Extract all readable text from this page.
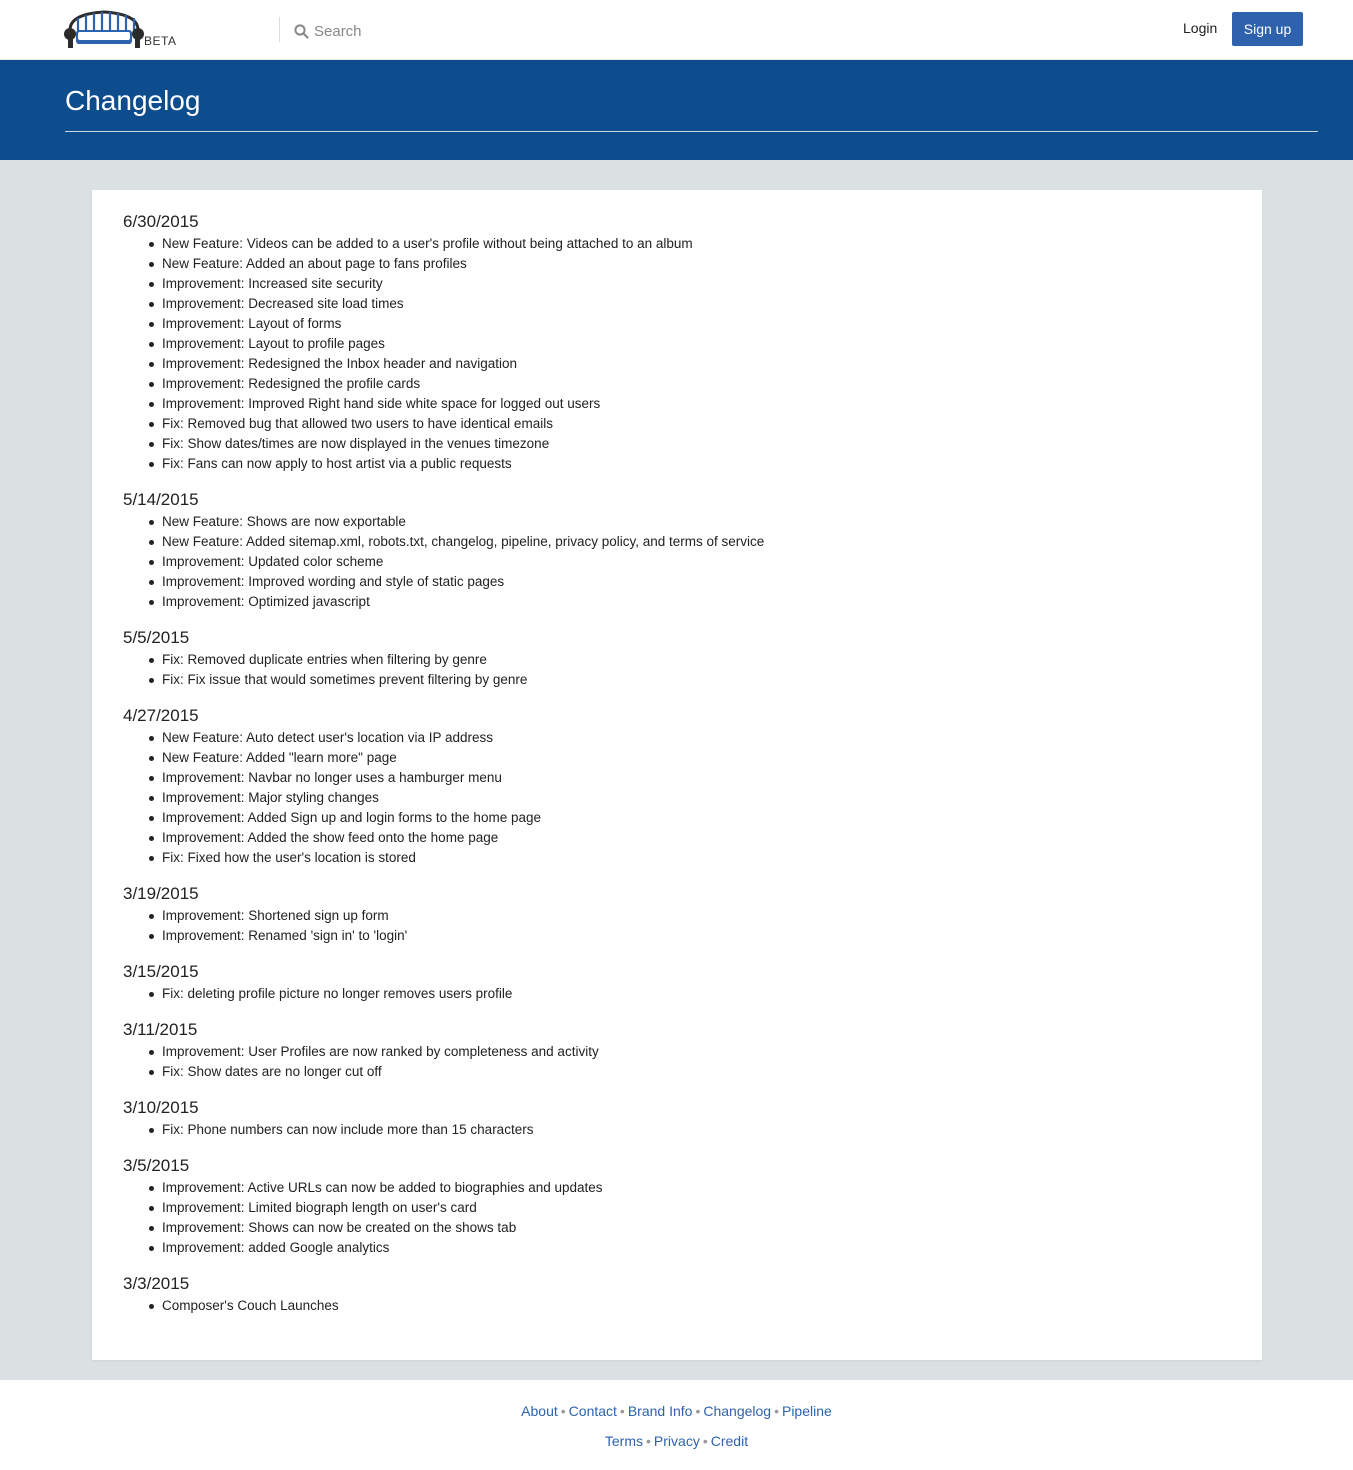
BETA
Search
Login	Sign up
Changelog
6/30/2015
New Feature: Videos can be added to a user's profile without being attached to an album
New Feature: Added an about page to fans profiles
Improvement: Increased site security
Improvement: Decreased site load times
Improvement: Layout of forms
Improvement: Layout to profile pages
Improvement: Redesigned the Inbox header and navigation
Improvement: Redesigned the profile cards
Improvement: Improved Right hand side white space for logged out users
Fix: Removed bug that allowed two users to have identical emails
Fix: Show dates/times are now displayed in the venues timezone
Fix: Fans can now apply to host artist via a public requests
5/14/2015
New Feature: Shows are now exportable
New Feature: Added sitemap.xml, robots.txt, changelog, pipeline, privacy policy, and terms of service
Improvement: Updated color scheme
Improvement: Improved wording and style of static pages
Improvement: Optimized javascript
5/5/2015
Fix: Removed duplicate entries when filtering by genre
Fix: Fix issue that would sometimes prevent filtering by genre
4/27/2015
New Feature: Auto detect user's location via IP address
New Feature: Added "learn more" page
Improvement: Navbar no longer uses a hamburger menu
Improvement: Major styling changes
Improvement: Added Sign up and login forms to the home page
Improvement: Added the show feed onto the home page
Fix: Fixed how the user's location is stored
3/19/2015
Improvement: Shortened sign up form
Improvement: Renamed 'sign in' to 'login'
3/15/2015
Fix: deleting profile picture no longer removes users profile
3/11/2015
Improvement: User Profiles are now ranked by completeness and activity
Fix: Show dates are no longer cut off
3/10/2015
Fix: Phone numbers can now include more than 15 characters
3/5/2015
Improvement: Active URLs can now be added to biographies and updates
Improvement: Limited biograph length on user's card
Improvement: Shows can now be created on the shows tab
Improvement: added Google analytics
3/3/2015
Composer's Couch Launches
About • Contact • Brand Info • Changelog • Pipeline
Terms • Privacy • Credit
